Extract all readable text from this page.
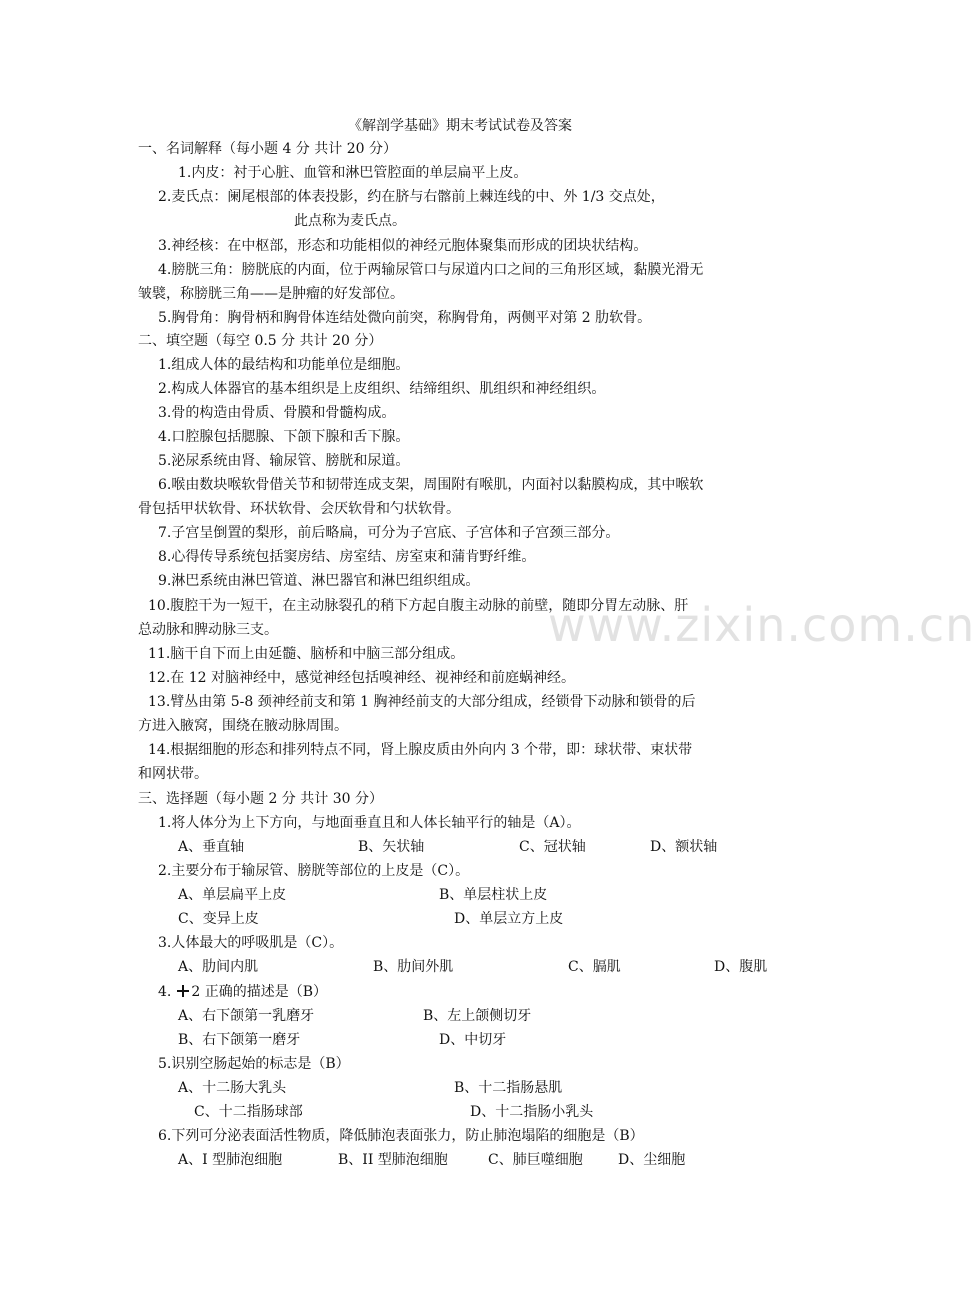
www.zixin.com.cn
《解剖学基础》期末考试试卷及答案
一、名词解释（每小题 4 分 共计 20 分）
1.内皮：衬于心脏、血管和淋巴管腔面的单层扁平上皮。
2.麦氏点：阑尾根部的体表投影，约在脐与右髂前上棘连线的中、外 1/3 交点处，
此点称为麦氏点。
3.神经核：在中枢部，形态和功能相似的神经元胞体聚集而形成的团块状结构。
4.膀胱三角：膀胱底的内面，位于两输尿管口与尿道内口之间的三角形区域，黏膜光滑无
皱襞，称膀胱三角——是肿瘤的好发部位。
5.胸骨角：胸骨柄和胸骨体连结处微向前突，称胸骨角，两侧平对第 2 肋软骨。
二、填空题（每空 0.5 分 共计 20 分）
1.组成人体的最结构和功能单位是细胞。
2.构成人体器官的基本组织是上皮组织、结缔组织、肌组织和神经组织。
3.骨的构造由骨质、骨膜和骨髓构成。
4.口腔腺包括腮腺、下颌下腺和舌下腺。
5.泌尿系统由肾、输尿管、膀胱和尿道。
6.喉由数块喉软骨借关节和韧带连成支架，周围附有喉肌，内面衬以黏膜构成，其中喉软
骨包括甲状软骨、环状软骨、会厌软骨和勺状软骨。
7.子宫呈倒置的梨形，前后略扁，可分为子宫底、子宫体和子宫颈三部分。
8.心得传导系统包括窦房结、房室结、房室束和蒲肯野纤维。
9.淋巴系统由淋巴管道、淋巴器官和淋巴组织组成。
10.腹腔干为一短干，在主动脉裂孔的稍下方起自腹主动脉的前壁，随即分胃左动脉、肝
总动脉和脾动脉三支。
11.脑干自下而上由延髓、脑桥和中脑三部分组成。
12.在 12 对脑神经中，感觉神经包括嗅神经、视神经和前庭蜗神经。
13.臂丛由第 5-8 颈神经前支和第 1 胸神经前支的大部分组成，经锁骨下动脉和锁骨的后
方进入腋窝，围绕在腋动脉周围。
14.根据细胞的形态和排列特点不同，肾上腺皮质由外向内 3 个带，即：球状带、束状带
和网状带。
三、选择题（每小题 2 分 共计 30 分）
1.将人体分为上下方向，与地面垂直且和人体长轴平行的轴是（A）。
A、垂直轴	B、矢状轴	C、冠状轴	D、额状轴
2.主要分布于输尿管、膀胱等部位的上皮是（C）。
A、单层扁平上皮	B、单层柱状上皮
C、变异上皮	D、单层立方上皮
3.人体最大的呼吸肌是（C）。
A、肋间内肌	B、肋间外肌	C、膈肌	D、腹肌
4. 2 正确的描述是（B）
A、右下颌第一乳磨牙	B、左上颌侧切牙
B、右下颌第一磨牙	D、中切牙
5.识别空肠起始的标志是（B）
A、十二肠大乳头	B、十二指肠悬肌
C、十二指肠球部	D、十二指肠小乳头
6.下列可分泌表面活性物质，降低肺泡表面张力，防止肺泡塌陷的细胞是（B）
A、I 型肺泡细胞	B、II 型肺泡细胞	C、肺巨噬细胞	D、尘细胞
